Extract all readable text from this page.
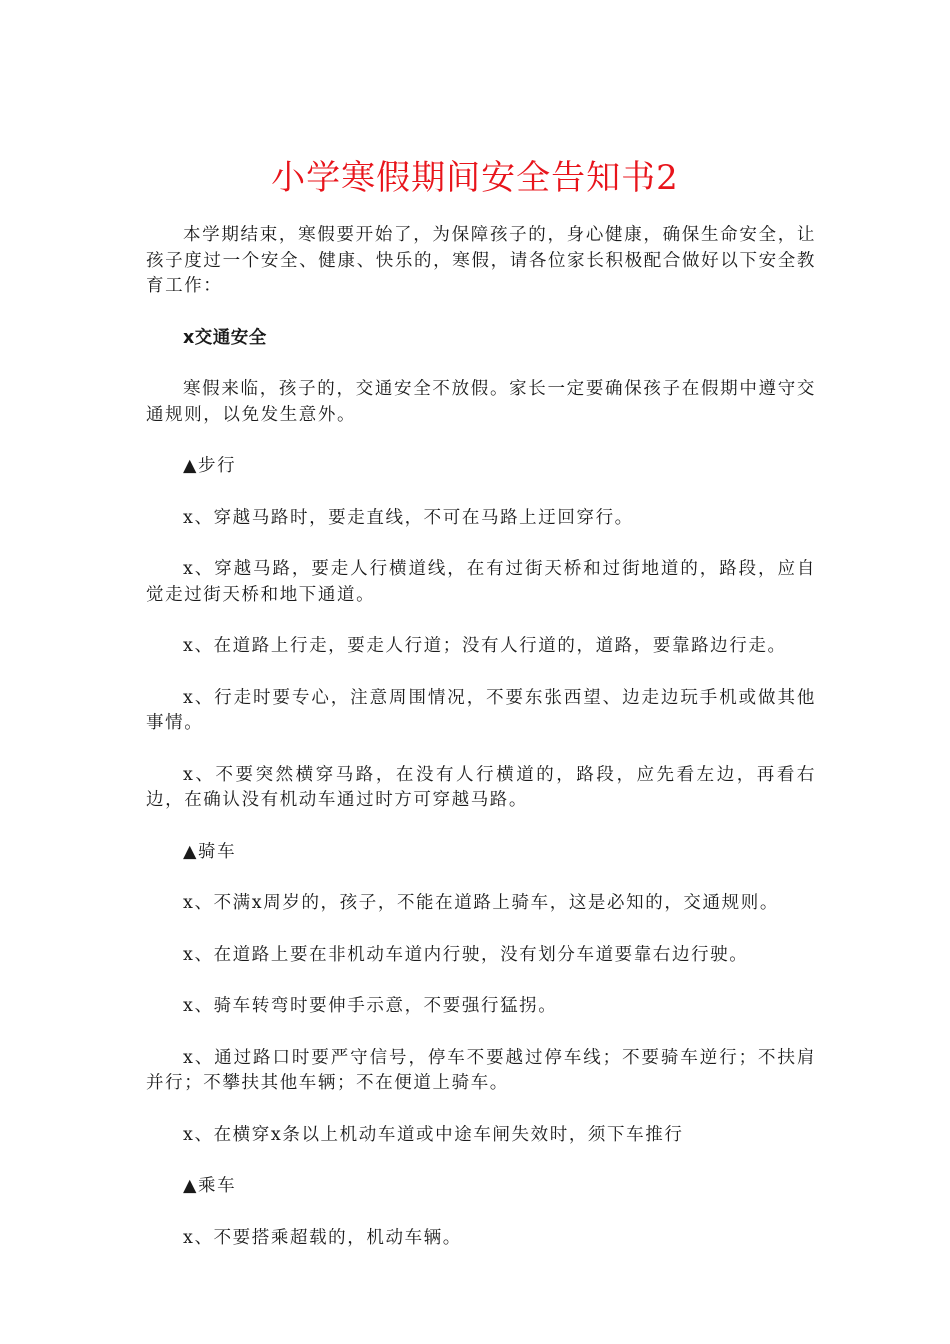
小学寒假期间安全告知书2

本学期结束，寒假要开始了，为保障孩子的，身心健康，确保生命安全，让孩子度过一个安全、健康、快乐的，寒假，请各位家长积极配合做好以下安全教育工作：

x交通安全

寒假来临，孩子的，交通安全不放假。家长一定要确保孩子在假期中遵守交通规则，以免发生意外。

▲步行

x、穿越马路时，要走直线，不可在马路上迂回穿行。

x、穿越马路，要走人行横道线，在有过街天桥和过街地道的，路段，应自觉走过街天桥和地下通道。

x、在道路上行走，要走人行道；没有人行道的，道路，要靠路边行走。

x、行走时要专心，注意周围情况，不要东张西望、边走边玩手机或做其他事情。

x、不要突然横穿马路，在没有人行横道的，路段，应先看左边，再看右边，在确认没有机动车通过时方可穿越马路。

▲骑车

x、不满x周岁的，孩子，不能在道路上骑车，这是必知的，交通规则。

x、在道路上要在非机动车道内行驶，没有划分车道要靠右边行驶。

x、骑车转弯时要伸手示意，不要强行猛拐。

x、通过路口时要严守信号，停车不要越过停车线；不要骑车逆行；不扶肩并行；不攀扶其他车辆；不在便道上骑车。

x、在横穿x条以上机动车道或中途车闸失效时，须下车推行

▲乘车

x、不要搭乘超载的，机动车辆。
